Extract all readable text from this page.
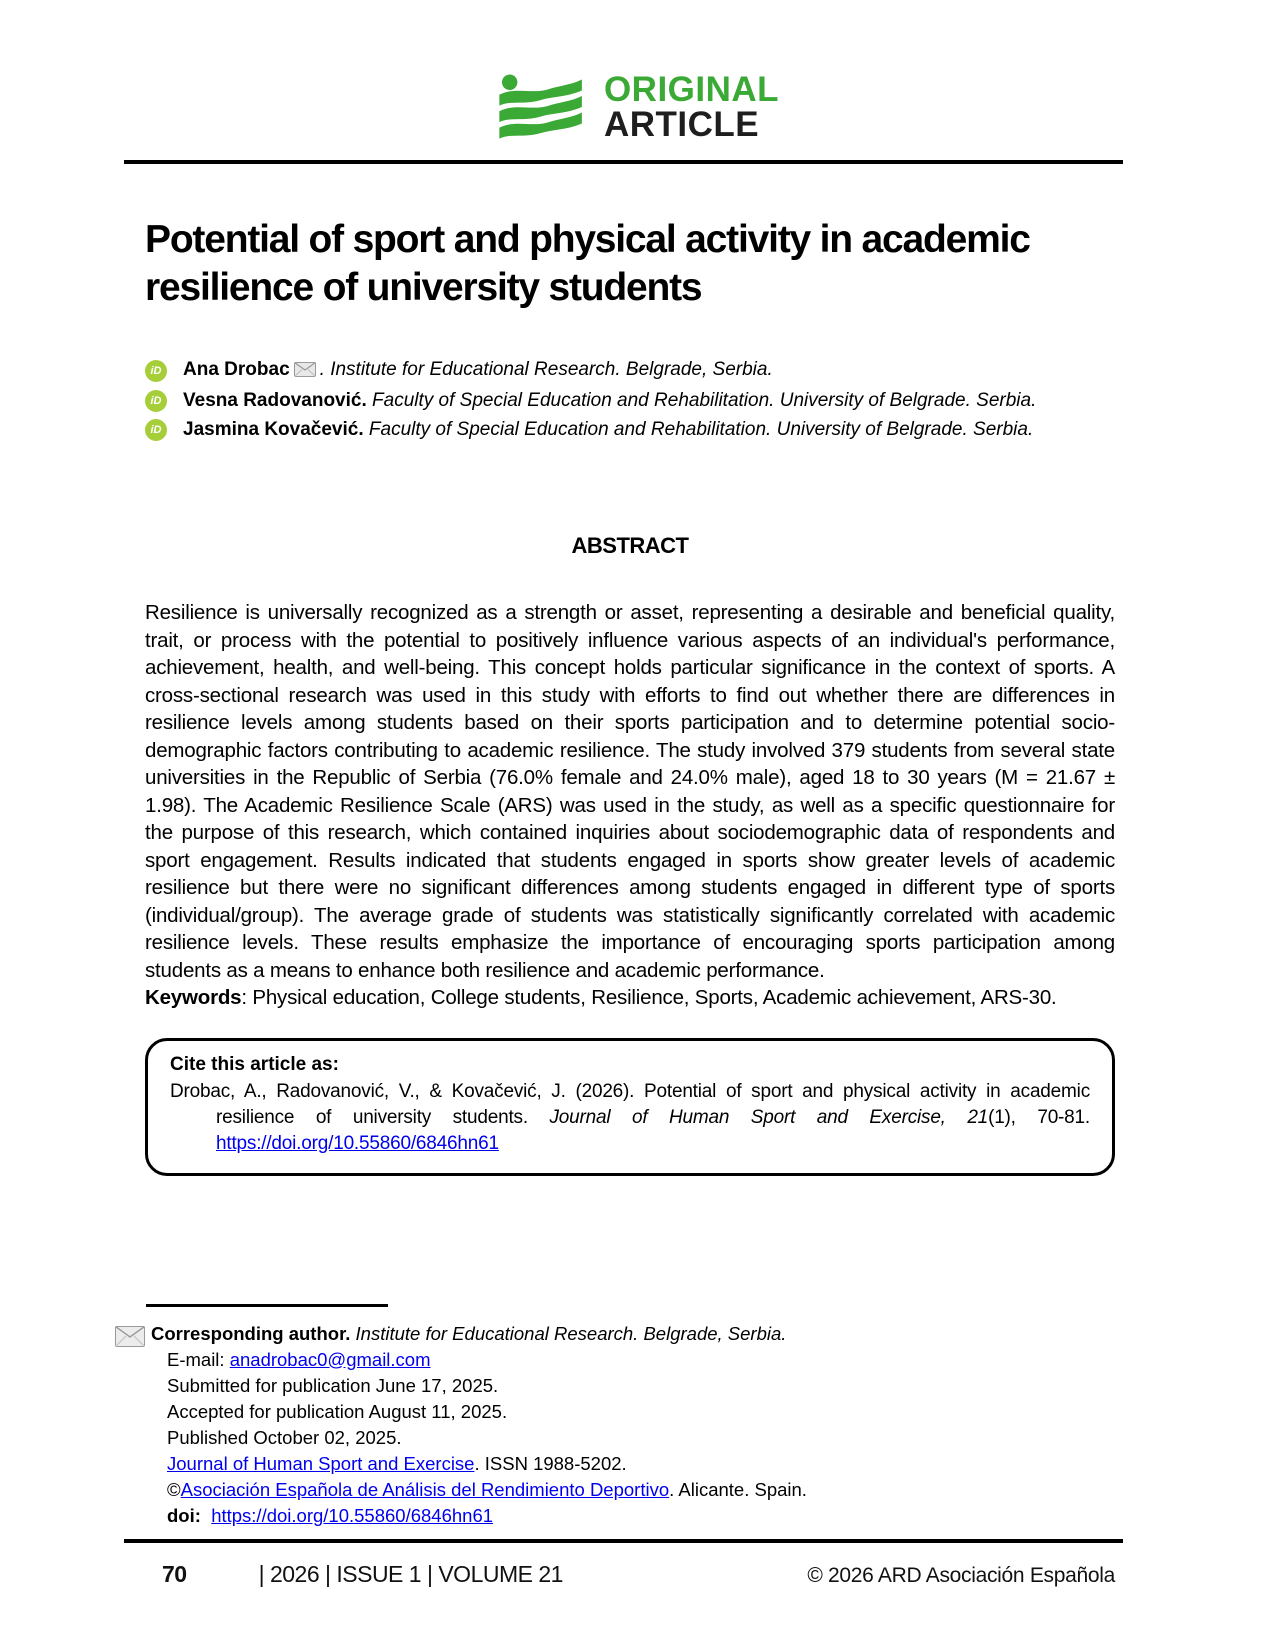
ORIGINAL
ARTICLE
Potential of sport and physical activity in academic resilience of university students
iD Ana Drobac . Institute for Educational Research. Belgrade, Serbia.
iD Vesna Radovanović. Faculty of Special Education and Rehabilitation. University of Belgrade. Serbia.
iD Jasmina Kovačević. Faculty of Special Education and Rehabilitation. University of Belgrade. Serbia.
ABSTRACT

Resilience is universally recognized as a strength or asset, representing a desirable and beneficial quality, trait, or process with the potential to positively influence various aspects of an individual's performance, achievement, health, and well-being. This concept holds particular significance in the context of sports. A cross-sectional research was used in this study with efforts to find out whether there are differences in resilience levels among students based on their sports participation and to determine potential socio-demographic factors contributing to academic resilience. The study involved 379 students from several state universities in the Republic of Serbia (76.0% female and 24.0% male), aged 18 to 30 years (M = 21.67 ± 1.98). The Academic Resilience Scale (ARS) was used in the study, as well as a specific questionnaire for the purpose of this research, which contained inquiries about sociodemographic data of respondents and sport engagement. Results indicated that students engaged in sports show greater levels of academic resilience but there were no significant differences among students engaged in different type of sports (individual/group). The average grade of students was statistically significantly correlated with academic resilience levels. These results emphasize the importance of encouraging sports participation among students as a means to enhance both resilience and academic performance.

Keywords: Physical education, College students, Resilience, Sports, Academic achievement, ARS-30.

Cite this article as:

Drobac, A., Radovanović, V., & Kovačević, J. (2026). Potential of sport and physical activity in academic resilience of university students. Journal of Human Sport and Exercise, 21(1), 70-81. https://doi.org/10.55860/6846hn61

Corresponding author. Institute for Educational Research. Belgrade, Serbia.

E-mail: anadrobac0@gmail.com

Submitted for publication June 17, 2025.

Accepted for publication August 11, 2025.

Published October 02, 2025.

Journal of Human Sport and Exercise. ISSN 1988-5202.

©Asociación Española de Análisis del Rendimiento Deportivo. Alicante. Spain.

doi: https://doi.org/10.55860/6846hn61

70	| 2026 | ISSUE 1 | VOLUME 21	© 2026 ARD Asociación Española
